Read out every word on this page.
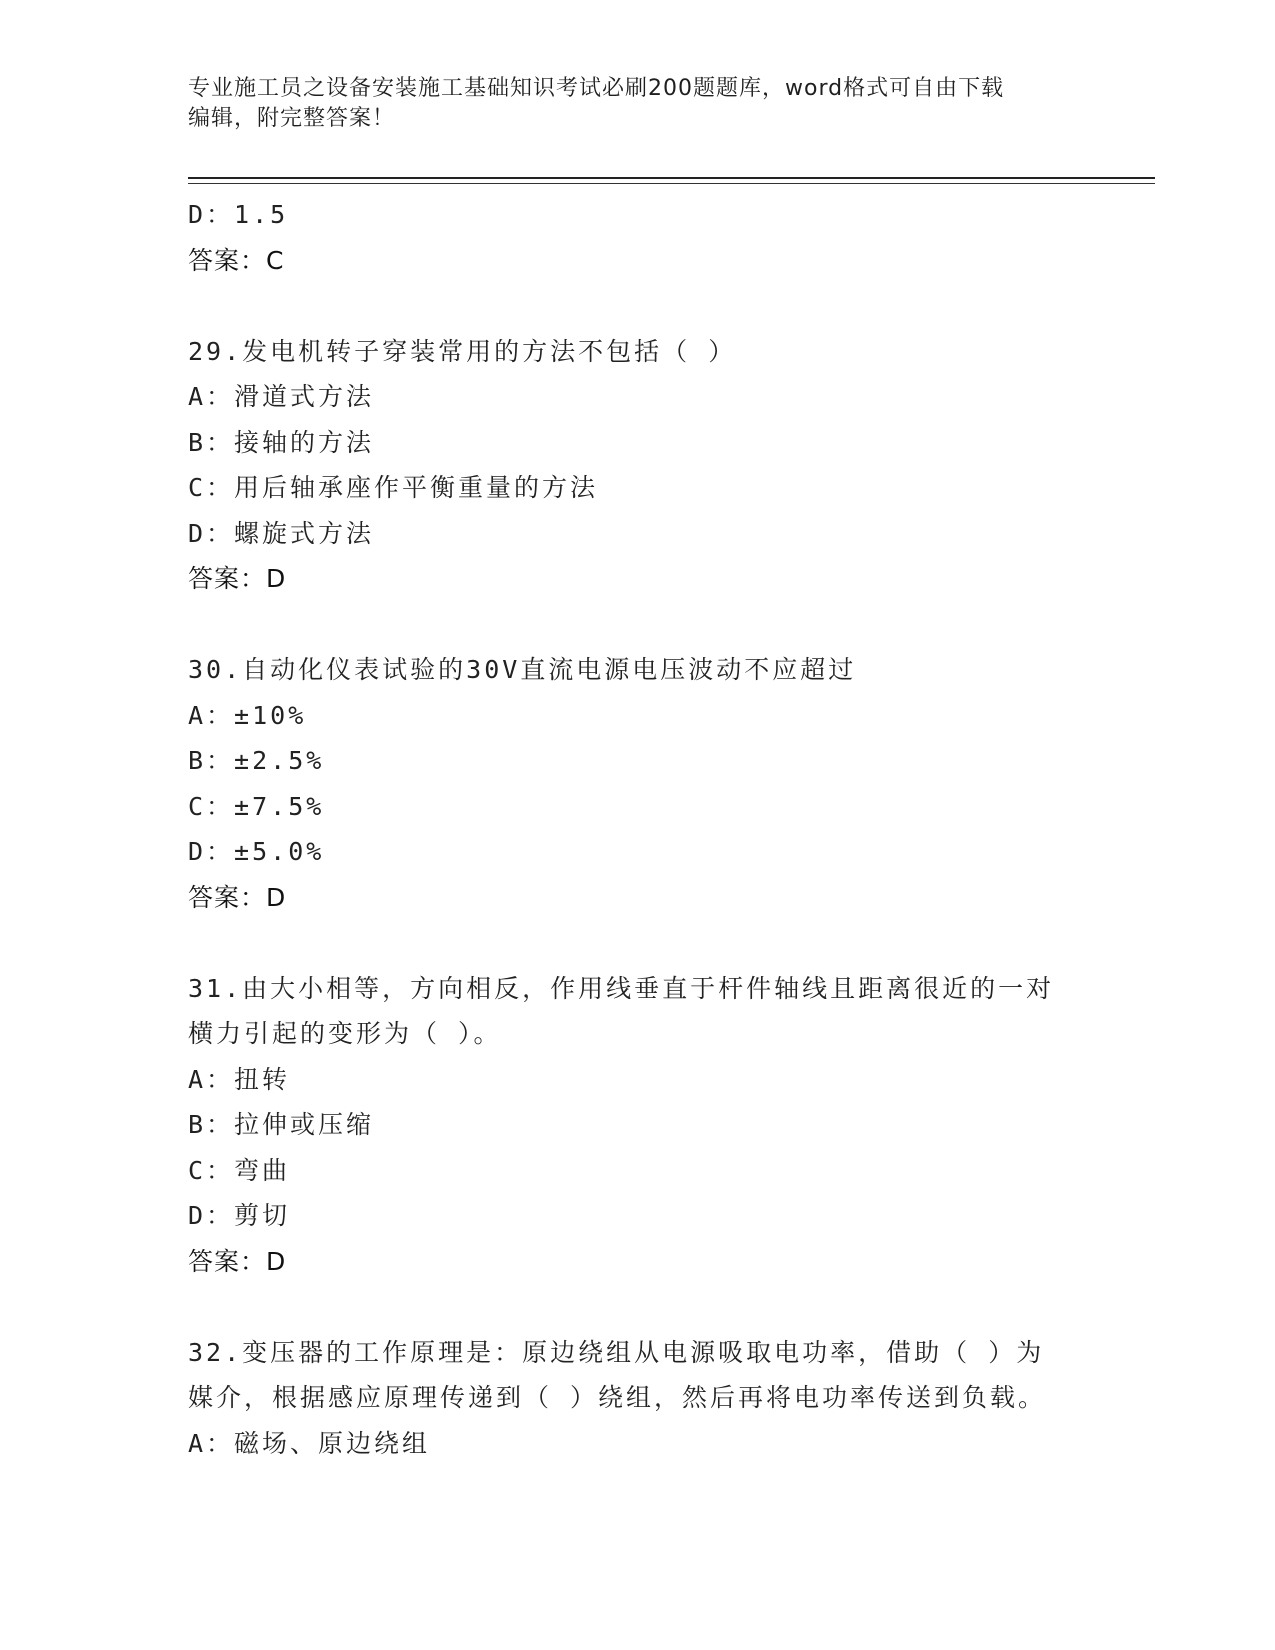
专业施工员之设备安装施工基础知识考试必刷200题题库，word格式可自由下载
编辑，附完整答案！
D：1.5
答案：C
29.发电机转子穿装常用的方法不包括（ ）
A：滑道式方法
B：接轴的方法
C：用后轴承座作平衡重量的方法
D：螺旋式方法
答案：D
30.自动化仪表试验的30V直流电源电压波动不应超过
A：±10%
B：±2.5%
C：±7.5%
D：±5.0%
答案：D
31.由大小相等，方向相反，作用线垂直于杆件轴线且距离很近的一对
横力引起的变形为（ ）。
A：扭转
B：拉伸或压缩
C：弯曲
D：剪切
答案：D
32.变压器的工作原理是：原边绕组从电源吸取电功率，借助（ ）为
媒介，根据感应原理传递到（ ）绕组，然后再将电功率传送到负载。
A：磁场、原边绕组
